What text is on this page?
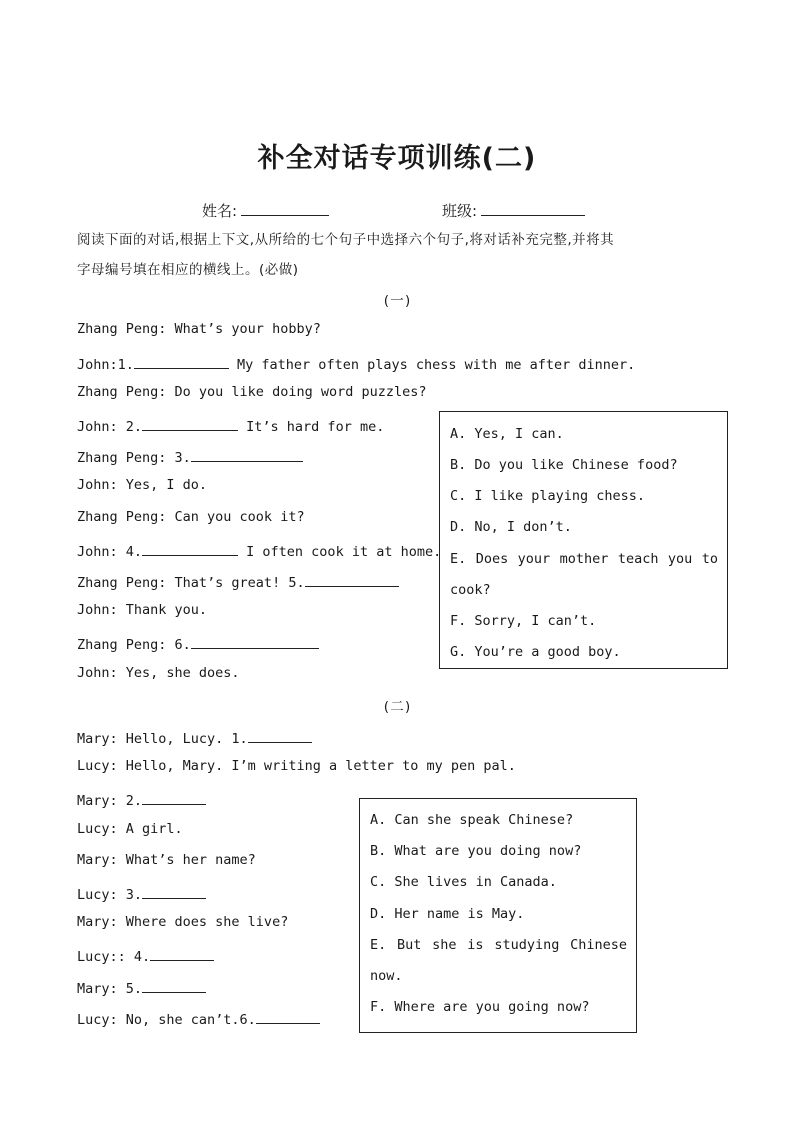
补全对话专项训练(二)
姓名:	班级:
阅读下面的对话,根据上下文,从所给的七个句子中选择六个句子,将对话补充完整,并将其
字母编号填在相应的横线上。(必做)
(一)
Zhang Peng: What’s your hobby?
John:1.	My father often plays chess with me after dinner.
Zhang Peng: Do you like doing word puzzles?
John: 2.	It’s hard for me.
Zhang Peng: 3.
John: Yes, I do.
Zhang Peng: Can you cook it?
John: 4.	I often cook it at home.
Zhang Peng: That’s great! 5.
John: Thank you.
Zhang Peng: 6.
John: Yes, she does.
A. Yes, I can.
B. Do you like Chinese food?
C. I like playing chess.
D. No, I don’t.
E. Does your mother teach you to
cook?
F. Sorry, I can’t.
G. You’re a good boy.
(二)
Mary: Hello, Lucy. 1.
Lucy: Hello, Mary. I’m writing a letter to my pen pal.
Mary: 2.
Lucy: A girl.
Mary: What’s her name?
Lucy: 3.
Mary: Where does she live?
Lucy:: 4.
Mary: 5.
Lucy: No, she can’t.6.
A. Can she speak Chinese?
B. What are you doing now?
C. She lives in Canada.
D. Her name is May.
E. But she is studying Chinese
now.
F. Where are you going now?
